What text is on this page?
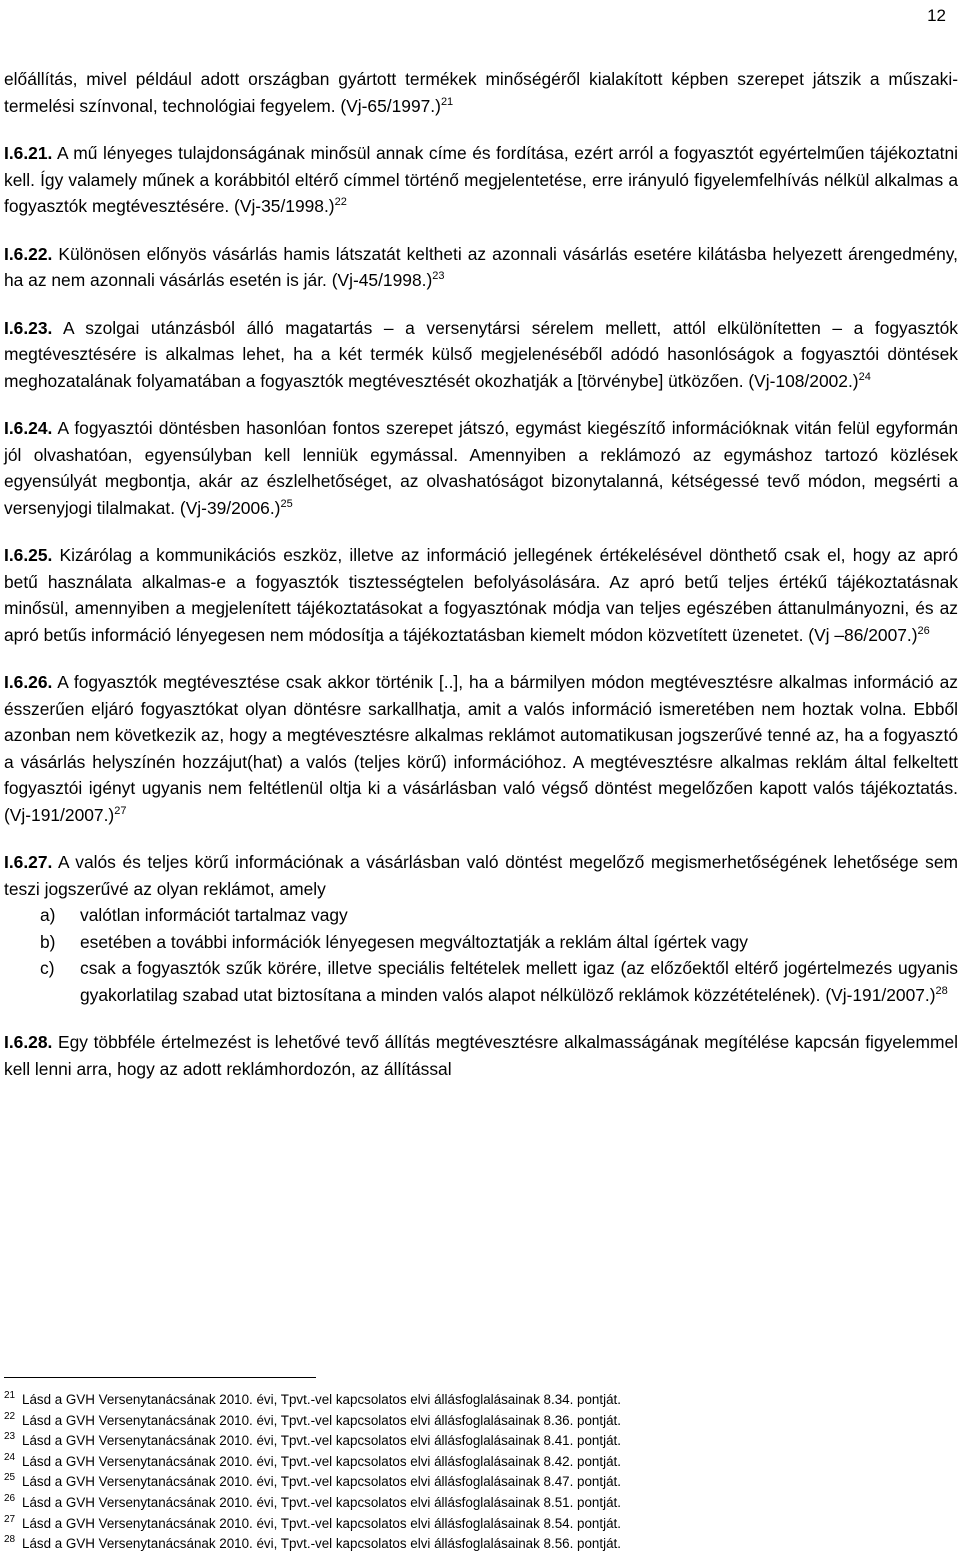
12

előállítás, mivel például adott országban gyártott termékek minőségéről kialakított képben szerepet játszik a műszaki-termelési színvonal, technológiai fegyelem. $(Vj-65/1997.)^{21}$

I.6.21. A mű lényeges tulajdonságának minősül annak címe és fordítása, ezért arról a fogyasztót egyértelműen tájékoztatni kell. Így valamely műnek a korábbitól eltérő címmel történő megjelentetése, erre irányuló figyelemfelhívás nélkül alkalmas a fogyasztók megtévesztésére. $(Vj-35/1998.)^{22}$

I.6.22. Különösen előnyös vásárlás hamis látszatát keltheti az azonnali vásárlás esetére kilátásba helyezett árengedmény, ha az nem azonnali vásárlás esetén is jár. $(Vj-45/1998.)^{23}$

I.6.23. A szolgai utánzásból álló magatartás – a versenytársi sérelem mellett, attól elkülönítetten – a fogyasztók megtévesztésére is alkalmas lehet, ha a két termék külső megjelenéséből adódó hasonlóságok a fogyasztói döntések meghozatalának folyamatában a fogyasztók megtévesztését okozhatják a [törvénybe] ütközően. $(Vj-108/2002.)^{24}$

I.6.24. A fogyasztói döntésben hasonlóan fontos szerepet játszó, egymást kiegészítő információknak vitán felül egyformán jól olvashatóan, egyensúlyban kell lenniük egymással. Amennyiben a reklámozó az egymáshoz tartozó közlések egyensúlyát megbontja, akár az észlelhetőséget, az olvashatóságot bizonytalanná, kétségessé tevő módon, megsérti a versenyjogi tilalmakat. $(Vj-39/2006.)^{25}$

I.6.25. Kizárólag a kommunikációs eszköz, illetve az információ jellegének értékelésével dönthető csak el, hogy az apró betű használata alkalmas-e a fogyasztók tisztességtelen befolyásolására. Az apró betű teljes értékű tájékoztatásnak minősül, amennyiben a megjelenített tájékoztatásokat a fogyasztónak módja van teljes egészében áttanulmányozni, és az apró betűs információ lényegesen nem módosítja a tájékoztatásban kiemelt módon közvetített üzenetet. (Vj –86/2007.)$^{26}$

I.6.26. A fogyasztók megtévesztése csak akkor történik [..], ha a bármilyen módon megtévesztésre alkalmas információ az ésszerűen eljáró fogyasztókat olyan döntésre sarkallhatja, amit a valós információ ismeretében nem hoztak volna. Ebből azonban nem következik az, hogy a megtévesztésre alkalmas reklámot automatikusan jogszerűvé tenné az, ha a fogyasztó a vásárlás helyszínén hozzájut(hat) a valós (teljes körű) információhoz. A megtévesztésre alkalmas reklám által felkeltett fogyasztói igényt ugyanis nem feltétlenül oltja ki a vásárlásban való végső döntést megelőzően kapott valós tájékoztatás. $(Vj-191/2007.)^{27}$

I.6.27. A valós és teljes körű információnak a vásárlásban való döntést megelőző megismerhetőségének lehetősége sem teszi jogszerűvé az olyan reklámot, amely

a)	valótlan információt tartalmaz vagy
b)	esetében a további információk lényegesen megváltoztatják a reklám által ígértek vagy
c)	csak a fogyasztók szűk körére, illetve speciális feltételek mellett igaz (az előzőektől eltérő jogértelmezés ugyanis gyakorlatilag szabad utat biztosítana a minden valós alapot nélkülöző reklámok közzétételének). $(Vj-191/2007.)^{28}$

I.6.28. Egy többféle értelmezést is lehetővé tevő állítás megtévesztésre alkalmasságának megítélése kapcsán figyelemmel kell lenni arra, hogy az adott reklámhordozón, az állítással

21 Lásd a GVH Versenytanácsának 2010. évi, Tpvt.-vel kapcsolatos elvi állásfoglalásainak 8.34. pontját.
22 Lásd a GVH Versenytanácsának 2010. évi, Tpvt.-vel kapcsolatos elvi állásfoglalásainak 8.36. pontját.
23 Lásd a GVH Versenytanácsának 2010. évi, Tpvt.-vel kapcsolatos elvi állásfoglalásainak 8.41. pontját.
24 Lásd a GVH Versenytanácsának 2010. évi, Tpvt.-vel kapcsolatos elvi állásfoglalásainak 8.42. pontját.
25 Lásd a GVH Versenytanácsának 2010. évi, Tpvt.-vel kapcsolatos elvi állásfoglalásainak 8.47. pontját.
26 Lásd a GVH Versenytanácsának 2010. évi, Tpvt.-vel kapcsolatos elvi állásfoglalásainak 8.51. pontját.
27 Lásd a GVH Versenytanácsának 2010. évi, Tpvt.-vel kapcsolatos elvi állásfoglalásainak 8.54. pontját.
28 Lásd a GVH Versenytanácsának 2010. évi, Tpvt.-vel kapcsolatos elvi állásfoglalásainak 8.56. pontját.
